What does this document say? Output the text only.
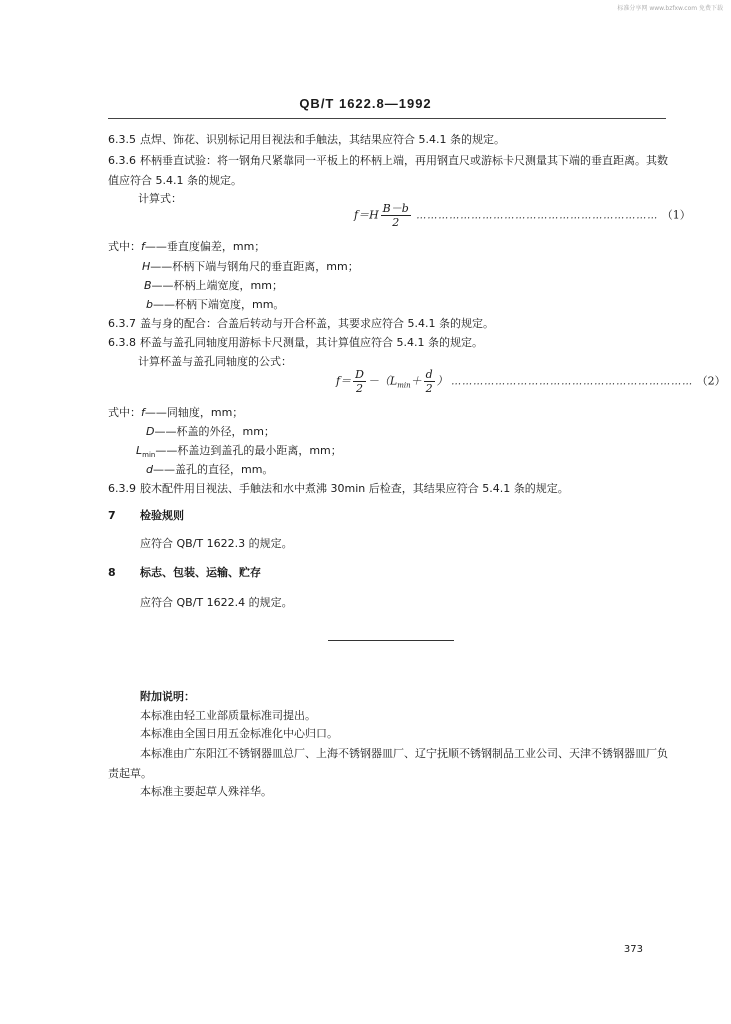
标准分享网 www.bzfxw.com 免费下载
QB/T 1622.8—1992
6.3.5 点焊、饰花、识别标记用目视法和手触法，其结果应符合 5.4.1 条的规定。
6.3.6 杯柄垂直试验：将一钢角尺紧靠同一平板上的杯柄上端，再用钢直尺或游标卡尺测量其下端的垂直距离。其数值应符合 5.4.1 条的规定。
计算式：
$f=H \frac{B-b}{2}$ ………………………………………………………… （1）
式中：f——垂直度偏差，mm；
H——杯柄下端与钢角尺的垂直距离，mm；
B——杯柄上端宽度，mm；
b——杯柄下端宽度，mm。
6.3.7 盖与身的配合：合盖后转动与开合杯盖，其要求应符合 5.4.1 条的规定。
6.3.8 杯盖与盖孔同轴度用游标卡尺测量，其计算值应符合 5.4.1 条的规定。
计算杯盖与盖孔同轴度的公式：
$f= \frac{D}{2} -(L_{min}+ \frac{d}{2}$ ） ………………………………………………………… （2）
式中：f——同轴度，mm；
D——杯盖的外径，mm；
$L_{min}——$杯盖边到盖孔的最小距离，mm；
d——盖孔的直径，mm。
6.3.9 胶木配件用目视法、手触法和水中煮沸 30min 后检查，其结果应符合 5.4.1 条的规定。
7 检验规则
应符合 QB/T 1622.3 的规定。
8 标志、包装、运输、贮存
应符合 QB/T 1622.4 的规定。
附加说明：
本标准由轻工业部质量标准司提出。
本标准由全国日用五金标准化中心归口。
本标准由广东阳江不锈钢器皿总厂、上海不锈钢器皿厂、辽宁抚顺不锈钢制品工业公司、天津不锈钢器皿厂负责起草。
本标准主要起草人殊祥华。
373
